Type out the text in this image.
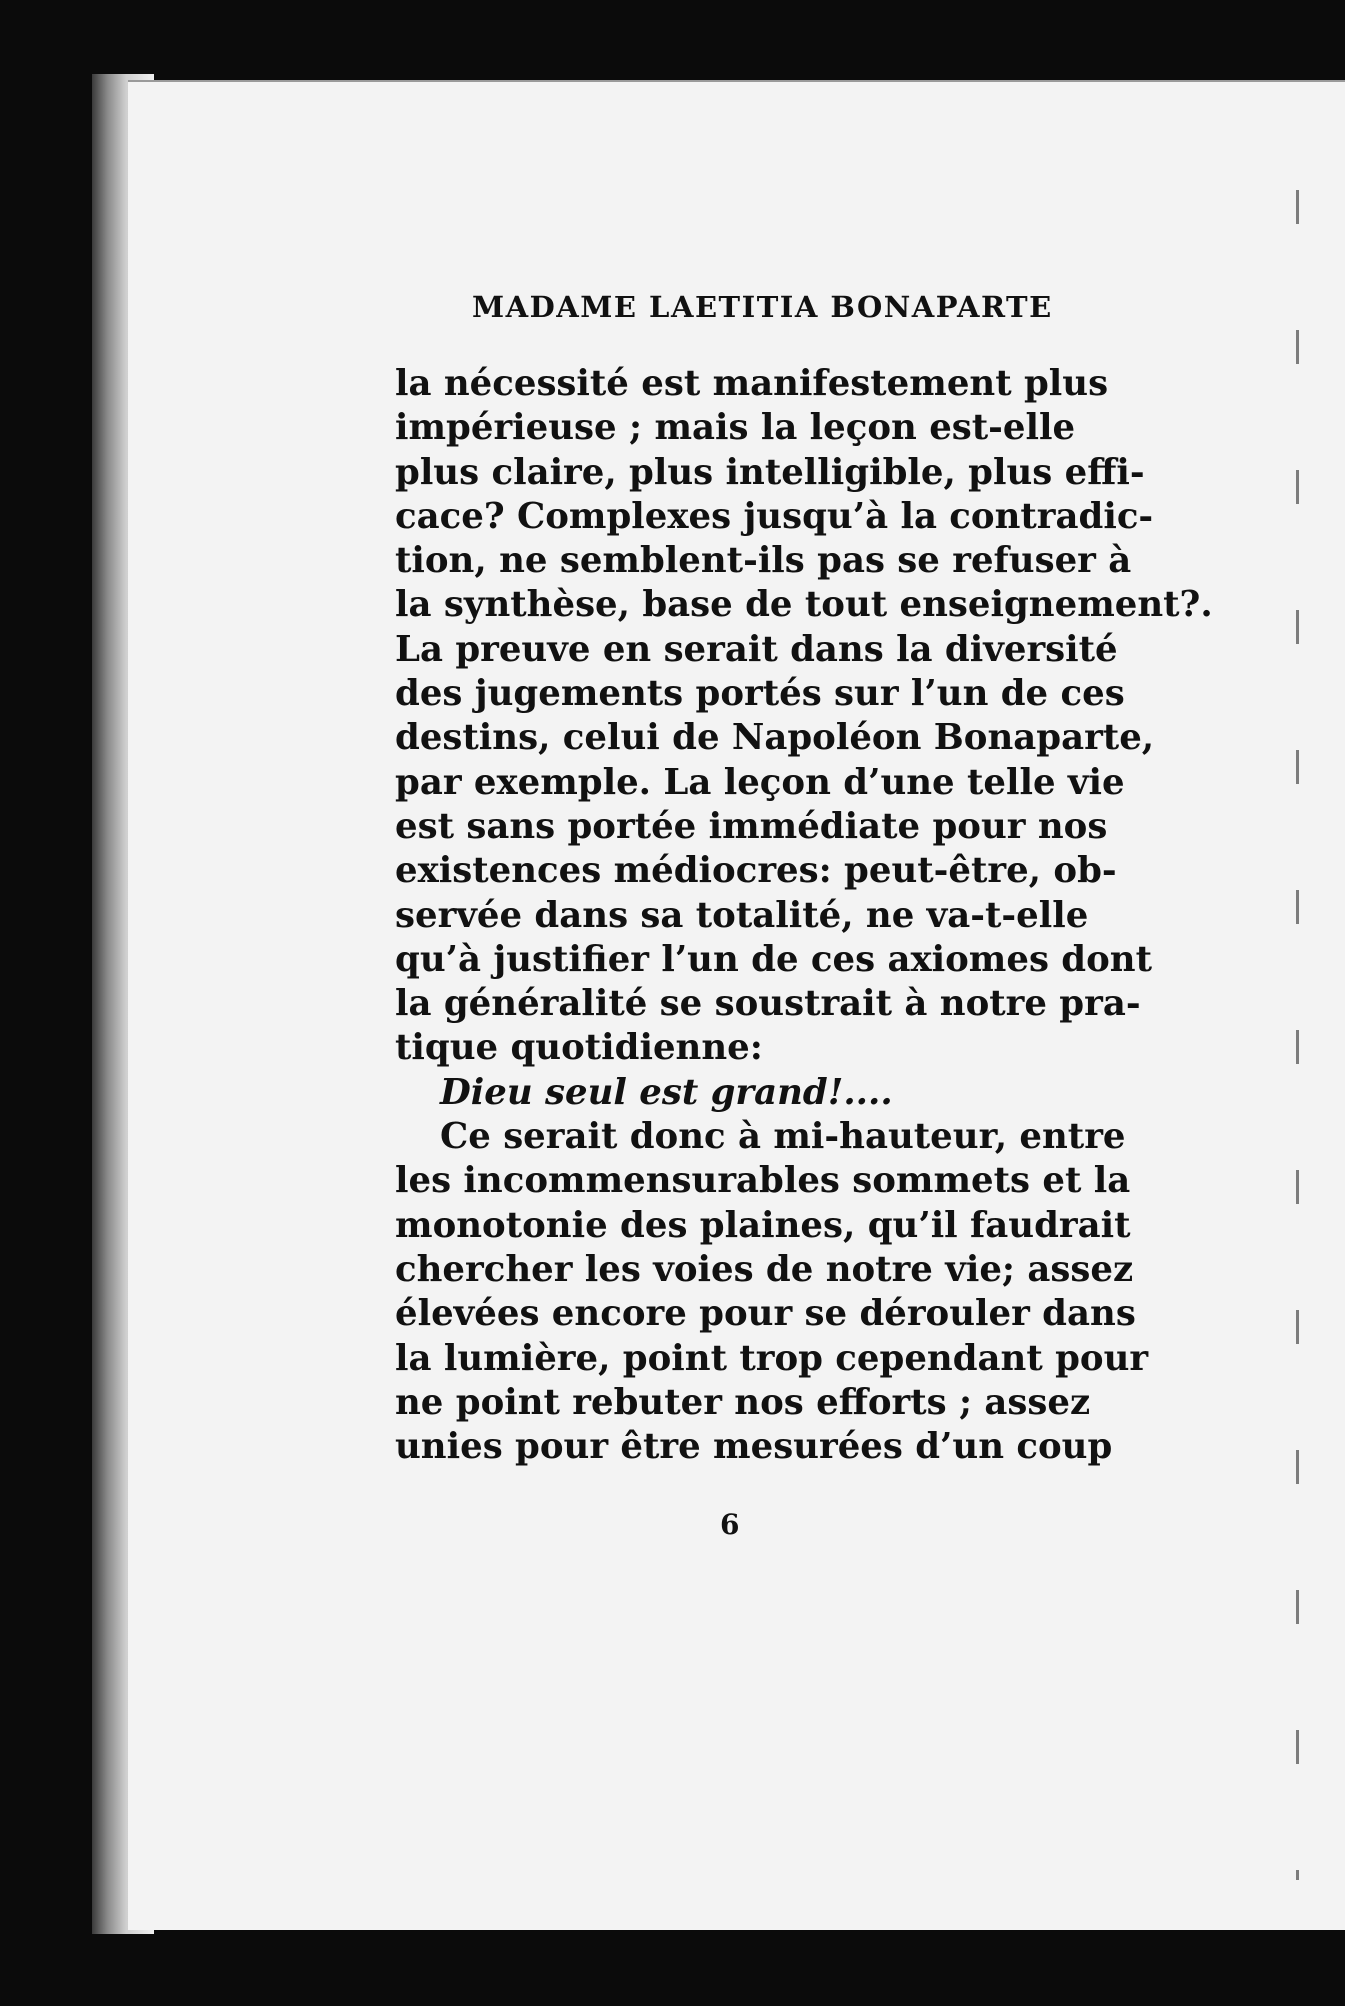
MADAME LAETITIA BONAPARTE
la nécessité est manifestement plus
impérieuse ; mais la leçon est-elle
plus claire, plus intelligible, plus effi-
cace? Complexes jusqu’à la contradic-
tion, ne semblent-ils pas se refuser à
la synthèse, base de tout enseignement?.
La preuve en serait dans la diversité
des jugements portés sur l’un de ces
destins, celui de Napoléon Bonaparte,
par exemple. La leçon d’une telle vie
est sans portée immédiate pour nos
existences médiocres: peut-être, ob-
servée dans sa totalité, ne va-t-elle
qu’à justifier l’un de ces axiomes dont
la généralité se soustrait à notre pra-
tique quotidienne:
Dieu seul est grand!....
Ce serait donc à mi-hauteur, entre
les incommensurables sommets et la
monotonie des plaines, qu’il faudrait
chercher les voies de notre vie; assez
élevées encore pour se dérouler dans
la lumière, point trop cependant pour
ne point rebuter nos efforts ; assez
unies pour être mesurées d’un coup
6
